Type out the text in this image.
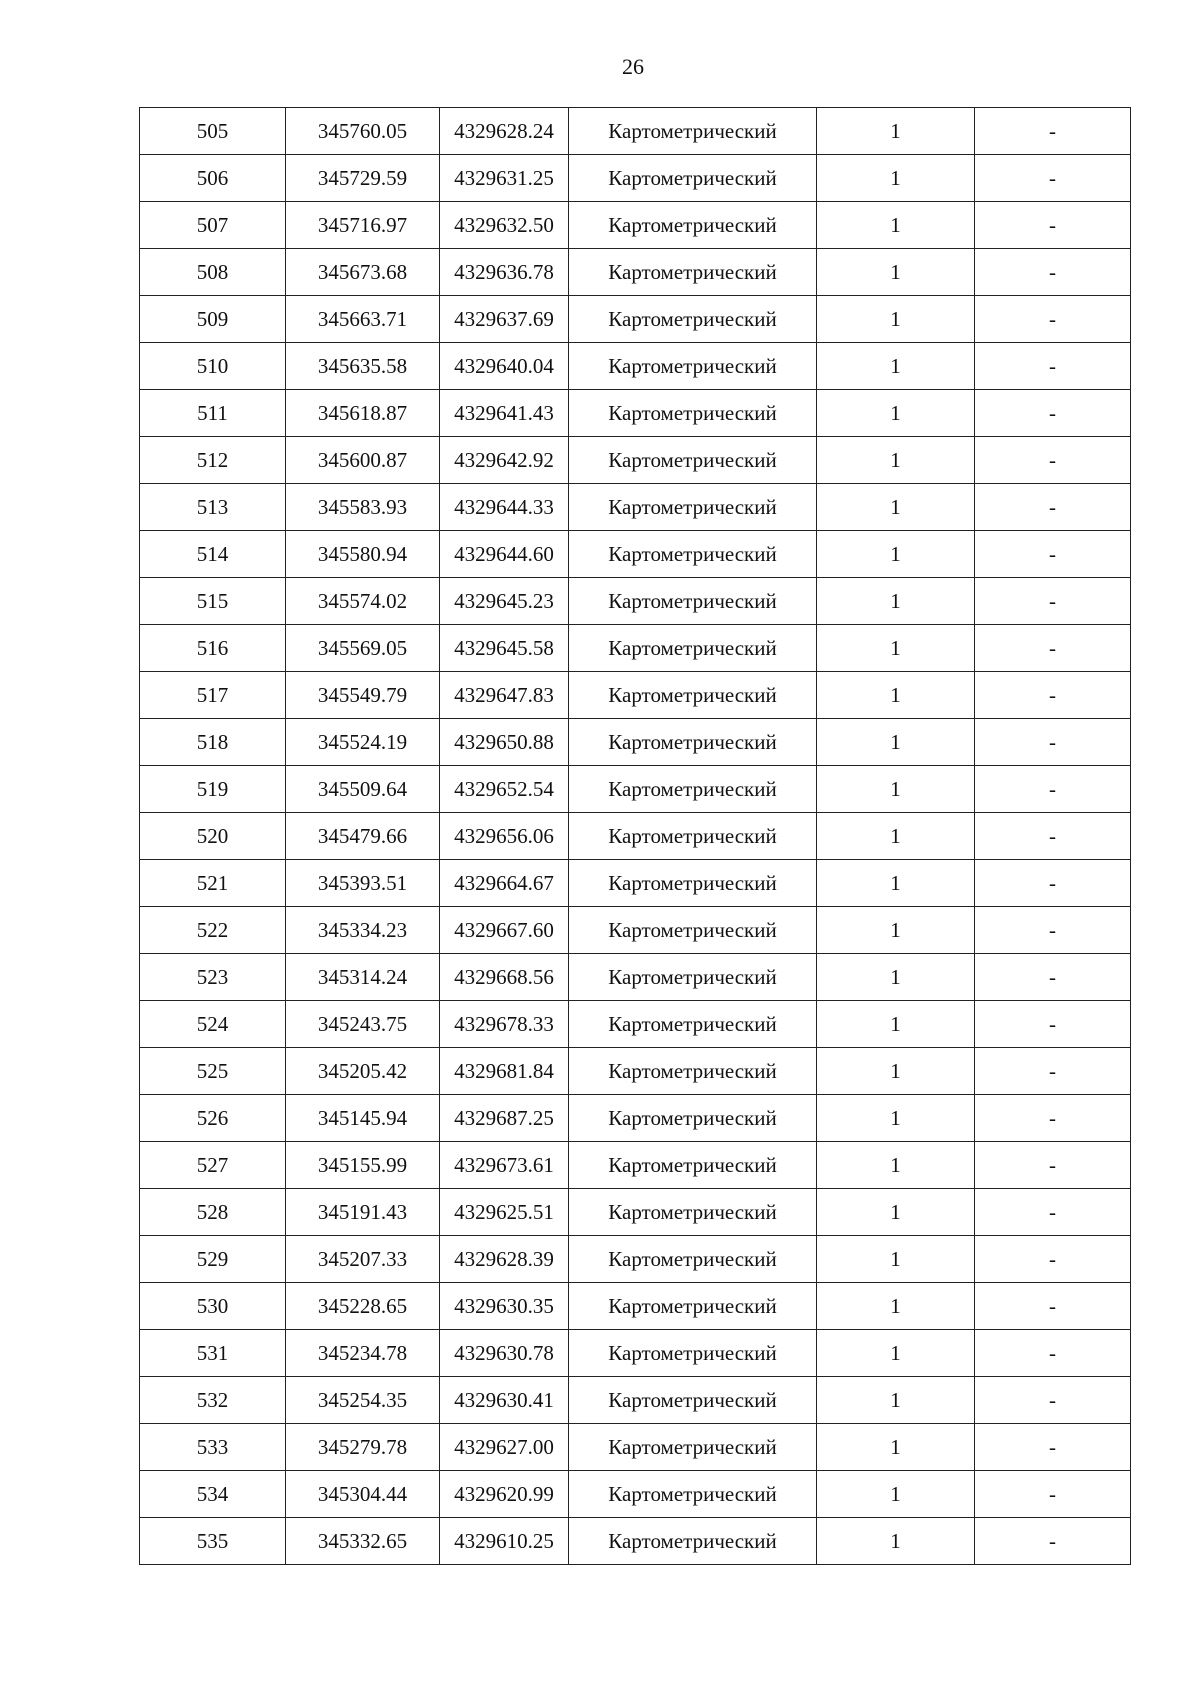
26
505	345760.05	4329628.24	Картометрический	1	-
506	345729.59	4329631.25	Картометрический	1	-
507	345716.97	4329632.50	Картометрический	1	-
508	345673.68	4329636.78	Картометрический	1	-
509	345663.71	4329637.69	Картометрический	1	-
510	345635.58	4329640.04	Картометрический	1	-
511	345618.87	4329641.43	Картометрический	1	-
512	345600.87	4329642.92	Картометрический	1	-
513	345583.93	4329644.33	Картометрический	1	-
514	345580.94	4329644.60	Картометрический	1	-
515	345574.02	4329645.23	Картометрический	1	-
516	345569.05	4329645.58	Картометрический	1	-
517	345549.79	4329647.83	Картометрический	1	-
518	345524.19	4329650.88	Картометрический	1	-
519	345509.64	4329652.54	Картометрический	1	-
520	345479.66	4329656.06	Картометрический	1	-
521	345393.51	4329664.67	Картометрический	1	-
522	345334.23	4329667.60	Картометрический	1	-
523	345314.24	4329668.56	Картометрический	1	-
524	345243.75	4329678.33	Картометрический	1	-
525	345205.42	4329681.84	Картометрический	1	-
526	345145.94	4329687.25	Картометрический	1	-
527	345155.99	4329673.61	Картометрический	1	-
528	345191.43	4329625.51	Картометрический	1	-
529	345207.33	4329628.39	Картометрический	1	-
530	345228.65	4329630.35	Картометрический	1	-
531	345234.78	4329630.78	Картометрический	1	-
532	345254.35	4329630.41	Картометрический	1	-
533	345279.78	4329627.00	Картометрический	1	-
534	345304.44	4329620.99	Картометрический	1	-
535	345332.65	4329610.25	Картометрический	1	-
